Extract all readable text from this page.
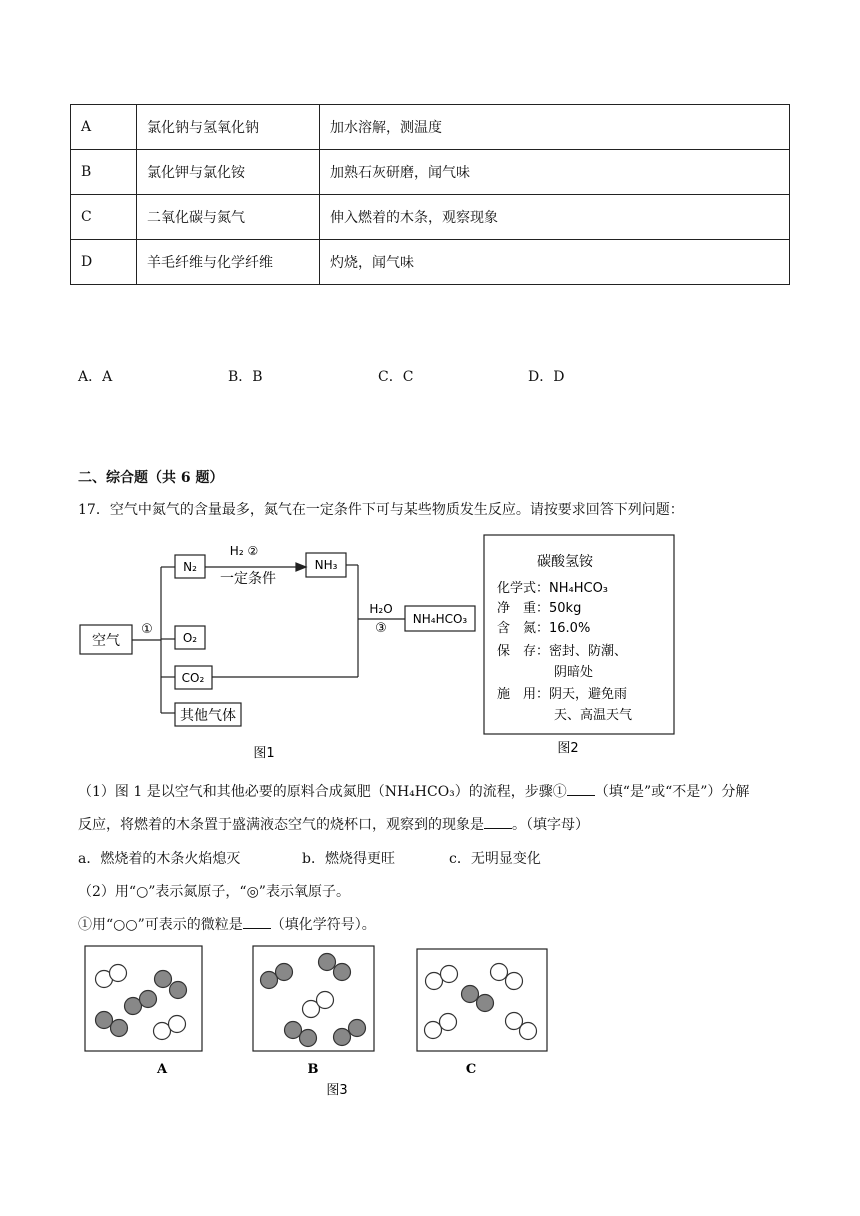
A	氯化钠与氢氧化钠	加水溶解，测温度
B	氯化钾与氯化铵	加熟石灰研磨，闻气味
C	二氧化碳与氮气	伸入燃着的木条，观察现象
D	羊毛纤维与化学纤维	灼烧，闻气味
A．A	B．B	C．C	D．D
二、综合题（共 6 题）
17．空气中氮气的含量最多，氮气在一定条件下可与某些物质发生反应。请按要求回答下列问题：
空气
①
N₂
O₂
CO₂
其他气体
H₂ ②
一定条件
NH₃
H₂O
③
NH₄HCO₃
图1
碳酸氢铵
化学式：NH₄HCO₃
净　重：50kg
含　氮：16.0%
保　存：密封、防潮、
阴暗处
施　用：阴天，避免雨
天、高温天气
图2
（1）图 1 是以空气和其他必要的原料合成氮肥（NH₄HCO₃）的流程，步骤① （填“是”或“不是”）分解
反应，将燃着的木条置于盛满液态空气的烧杯口，观察到的现象是 。（填字母）
a．燃烧着的木条火焰熄灭	b．燃烧得更旺	c．无明显变化
（2）用“○”表示氮原子，“◎”表示氧原子。
①用“○○”可表示的微粒是 （填化学符号）。
A	B	C
图3
